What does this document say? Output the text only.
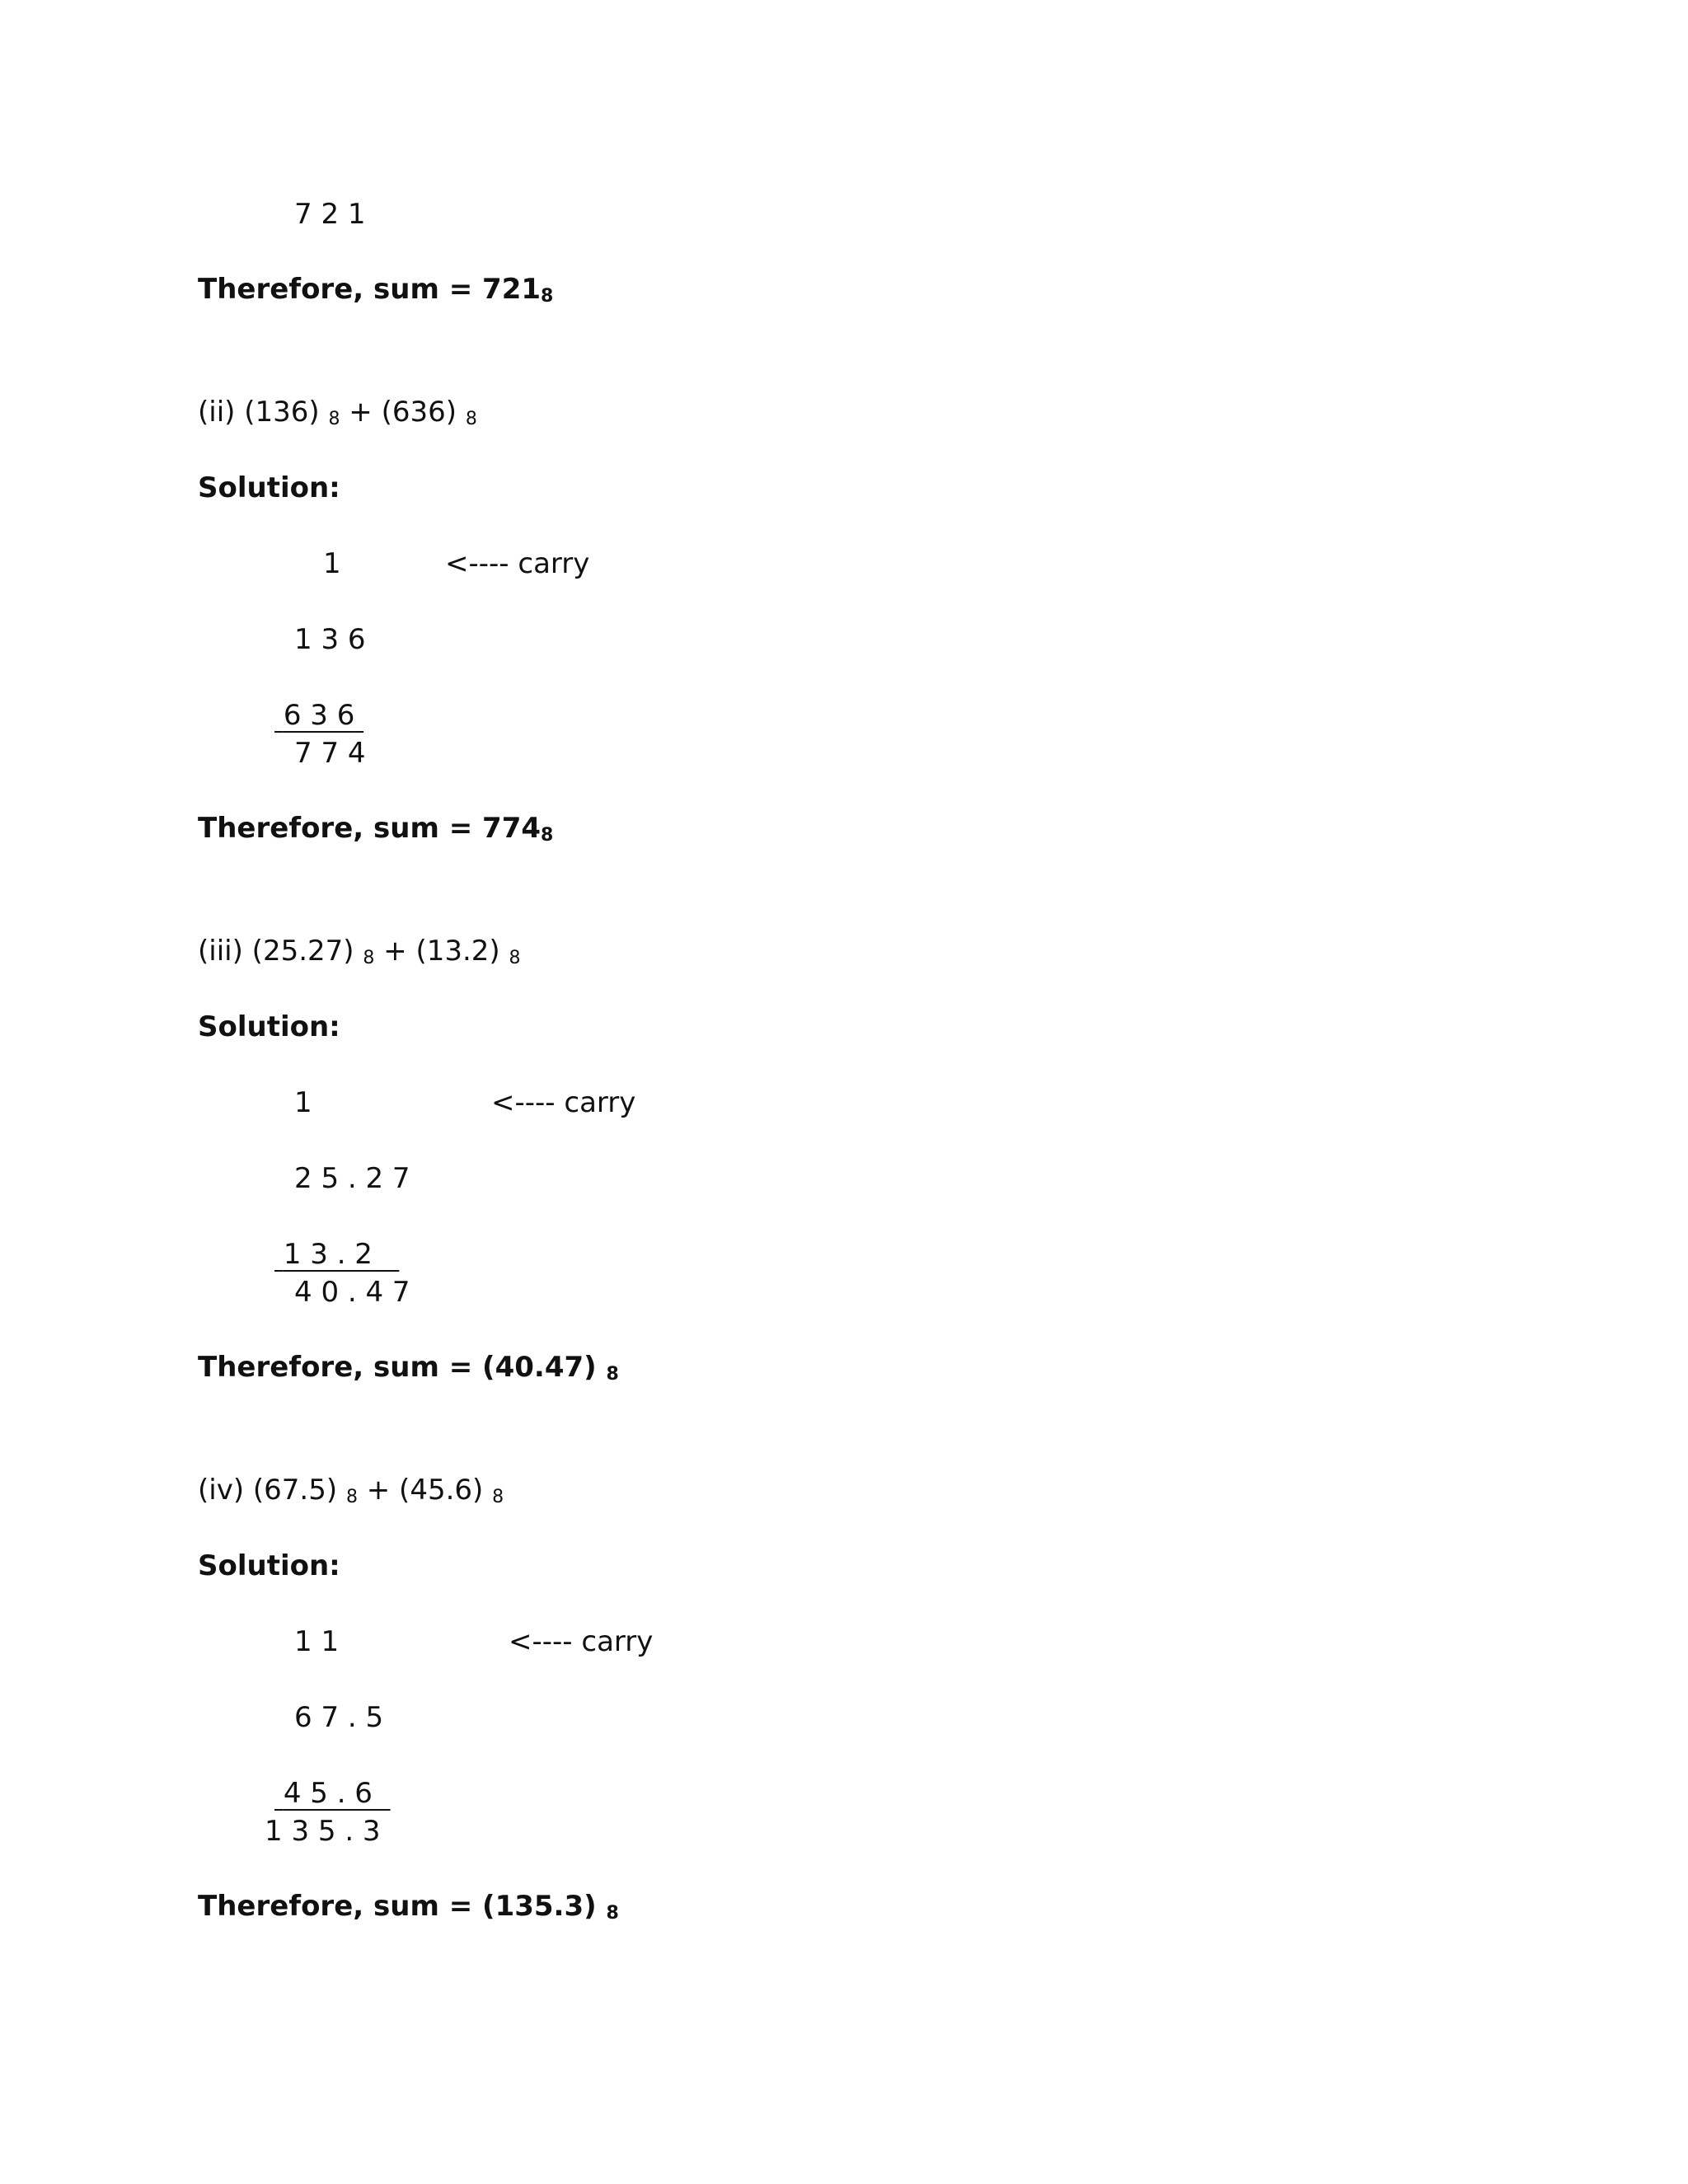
7 2 1
Therefore, sum = 7218
(ii) (136) 8 + (636) 8
Solution:
1	<---- carry
1 3 6
6 3 6
7 7 4
Therefore, sum = 7748
(iii) (25.27) 8 + (13.2) 8
Solution:
1	<---- carry
2 5 . 2 7
1 3 . 2
4 0 . 4 7
Therefore, sum = (40.47) 8
(iv) (67.5) 8 + (45.6) 8
Solution:
1 1	<---- carry
6 7 . 5
4 5 . 6
1 3 5 . 3
Therefore, sum = (135.3) 8
